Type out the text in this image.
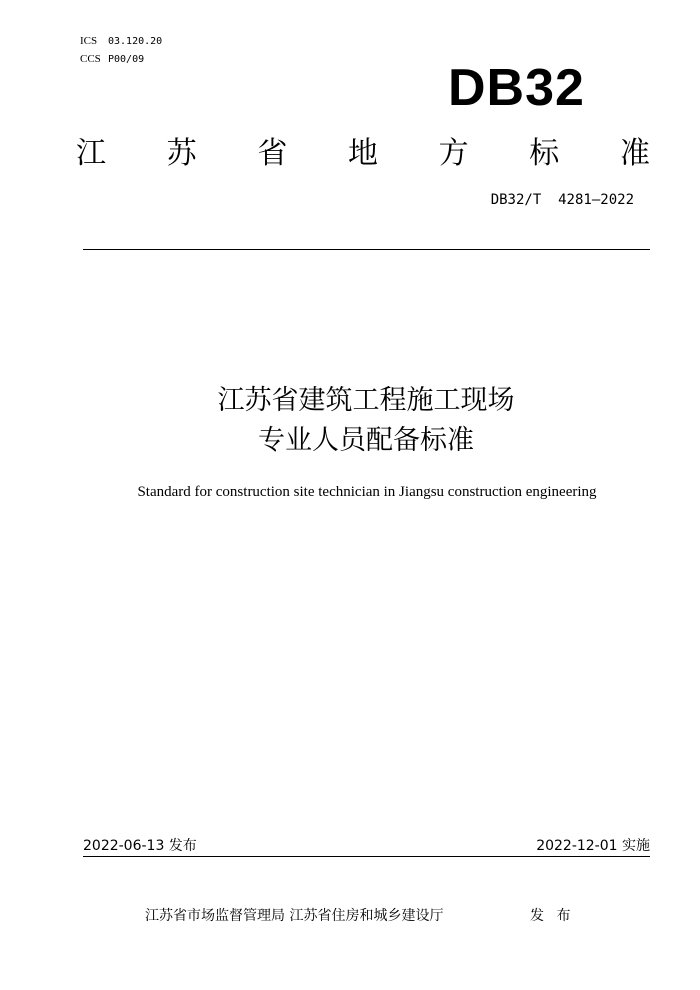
ICS 03.120.20
CCS P00/09	DB32
江 苏 省 地 方 标 准
DB32/T  4281—2022
江苏省建筑工程施工现场
专业人员配备标准
Standard for construction site technician in Jiangsu construction engineering
2022-06-13 发布	2022-12-01 实施
江苏省市场监督管理局 江苏省住房和城乡建设厅	发 布
